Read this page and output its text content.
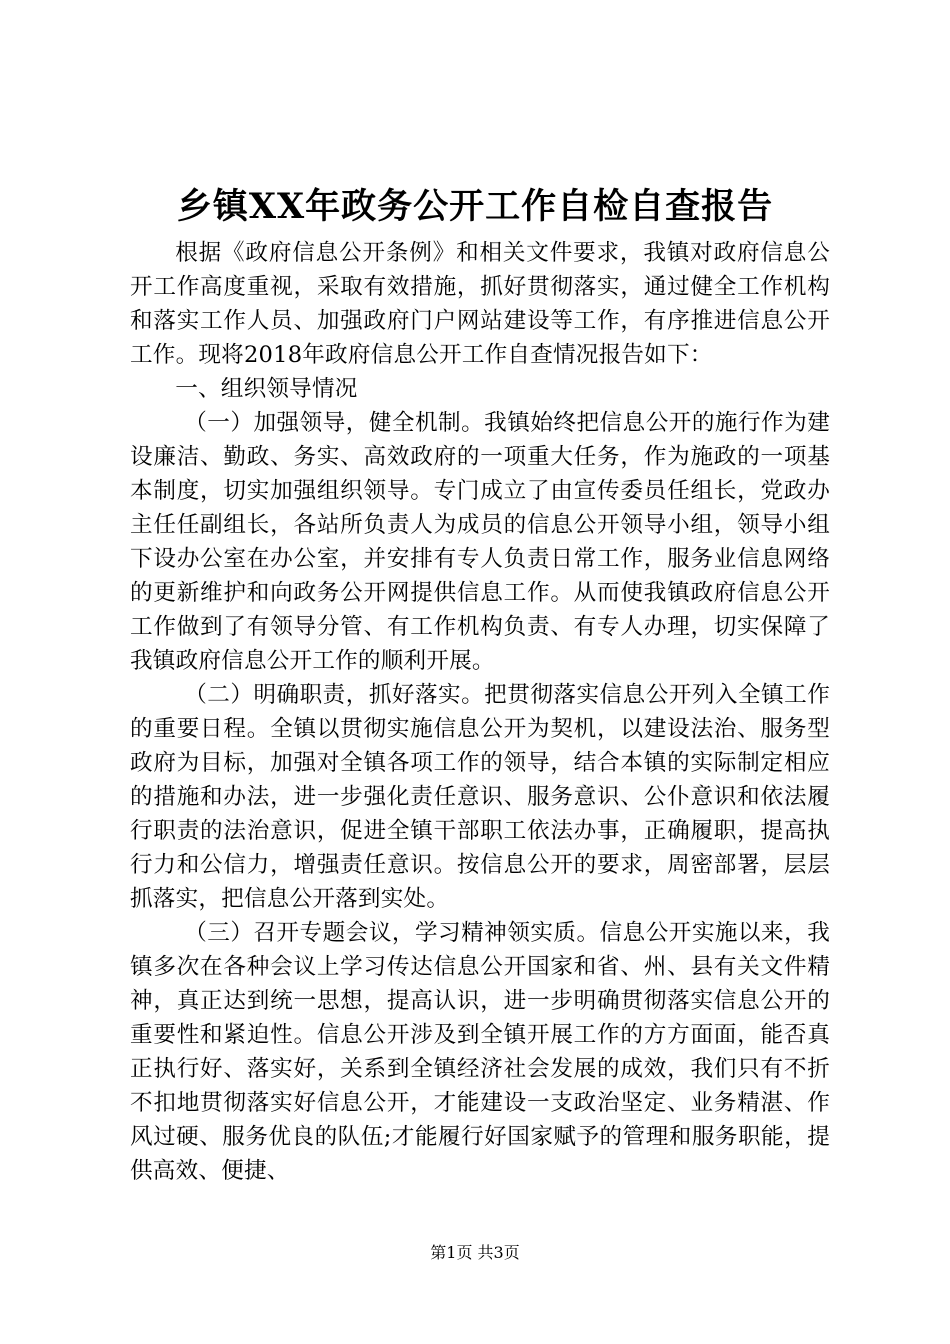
乡镇XX年政务公开工作自检自查报告

根据《政府信息公开条例》和相关文件要求，我镇对政府信息公开工作高度重视，采取有效措施，抓好贯彻落实，通过健全工作机构和落实工作人员、加强政府门户网站建设等工作，有序推进信息公开工作。现将2018年政府信息公开工作自查情况报告如下：

一、组织领导情况

（一）加强领导，健全机制。我镇始终把信息公开的施行作为建设廉洁、勤政、务实、高效政府的一项重大任务，作为施政的一项基本制度，切实加强组织领导。专门成立了由宣传委员任组长，党政办主任任副组长，各站所负责人为成员的信息公开领导小组，领导小组下设办公室在办公室，并安排有专人负责日常工作，服务业信息网络的更新维护和向政务公开网提供信息工作。从而使我镇政府信息公开工作做到了有领导分管、有工作机构负责、有专人办理，切实保障了我镇政府信息公开工作的顺利开展。

（二）明确职责，抓好落实。把贯彻落实信息公开列入全镇工作的重要日程。全镇以贯彻实施信息公开为契机，以建设法治、服务型政府为目标，加强对全镇各项工作的领导，结合本镇的实际制定相应的措施和办法，进一步强化责任意识、服务意识、公仆意识和依法履行职责的法治意识，促进全镇干部职工依法办事，正确履职，提高执行力和公信力，增强责任意识。按信息公开的要求，周密部署，层层抓落实，把信息公开落到实处。

（三）召开专题会议，学习精神领实质。信息公开实施以来，我镇多次在各种会议上学习传达信息公开国家和省、州、县有关文件精神，真正达到统一思想，提高认识，进一步明确贯彻落实信息公开的重要性和紧迫性。信息公开涉及到全镇开展工作的方方面面，能否真正执行好、落实好，关系到全镇经济社会发展的成效，我们只有不折不扣地贯彻落实好信息公开，才能建设一支政治坚定、业务精湛、作风过硬、服务优良的队伍;才能履行好国家赋予的管理和服务职能，提供高效、便捷、

第1页 共3页
